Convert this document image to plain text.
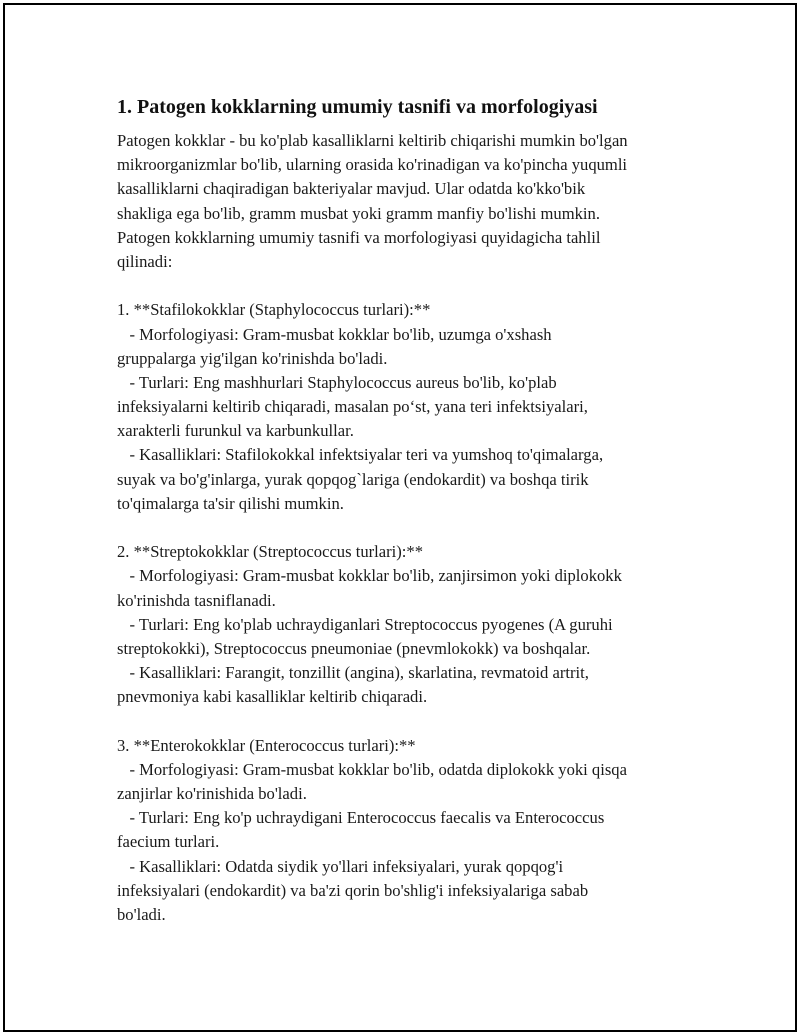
1. Patogen kokklarning umumiy tasnifi va morfologiyasi

Patogen kokklar - bu ko'plab kasalliklarni keltirib chiqarishi mumkin bo'lgan

mikroorganizmlar bo'lib, ularning orasida ko'rinadigan va ko'pincha yuqumli

kasalliklarni chaqiradigan bakteriyalar mavjud. Ular odatda ko'kko'bik

shakliga ega bo'lib, gramm musbat yoki gramm manfiy bo'lishi mumkin.

Patogen kokklarning umumiy tasnifi va morfologiyasi quyidagicha tahlil

qilinadi:

1. **Stafilokokklar (Staphylococcus turlari):**

- Morfologiyasi: Gram-musbat kokklar bo'lib, uzumga o'xshash

gruppalarga yig'ilgan ko'rinishda bo'ladi.

- Turlari: Eng mashhurlari Staphylococcus aureus bo'lib, ko'plab

infeksiyalarni keltirib chiqaradi, masalan po‘st, yana teri infektsiyalari,

xarakterli furunkul va karbunkullar.

- Kasalliklari: Stafilokokkal infektsiyalar teri va yumshoq to'qimalarga,

suyak va bo'g'inlarga, yurak qopqog`lariga (endokardit) va boshqa tirik

to'qimalarga ta'sir qilishi mumkin.

2. **Streptokokklar (Streptococcus turlari):**

- Morfologiyasi: Gram-musbat kokklar bo'lib, zanjirsimon yoki diplokokk

ko'rinishda tasniflanadi.

- Turlari: Eng ko'plab uchraydiganlari Streptococcus pyogenes (A guruhi

streptokokki), Streptococcus pneumoniae (pnevmlokokk) va boshqalar.

- Kasalliklari: Farangit, tonzillit (angina), skarlatina, revmatoid artrit,

pnevmoniya kabi kasalliklar keltirib chiqaradi.

3. **Enterokokklar (Enterococcus turlari):**

- Morfologiyasi: Gram-musbat kokklar bo'lib, odatda diplokokk yoki qisqa

zanjirlar ko'rinishida bo'ladi.

- Turlari: Eng ko'p uchraydigani Enterococcus faecalis va Enterococcus

faecium turlari.

- Kasalliklari: Odatda siydik yo'llari infeksiyalari, yurak qopqog'i

infeksiyalari (endokardit) va ba'zi qorin bo'shlig'i infeksiyalariga sabab

bo'ladi.
